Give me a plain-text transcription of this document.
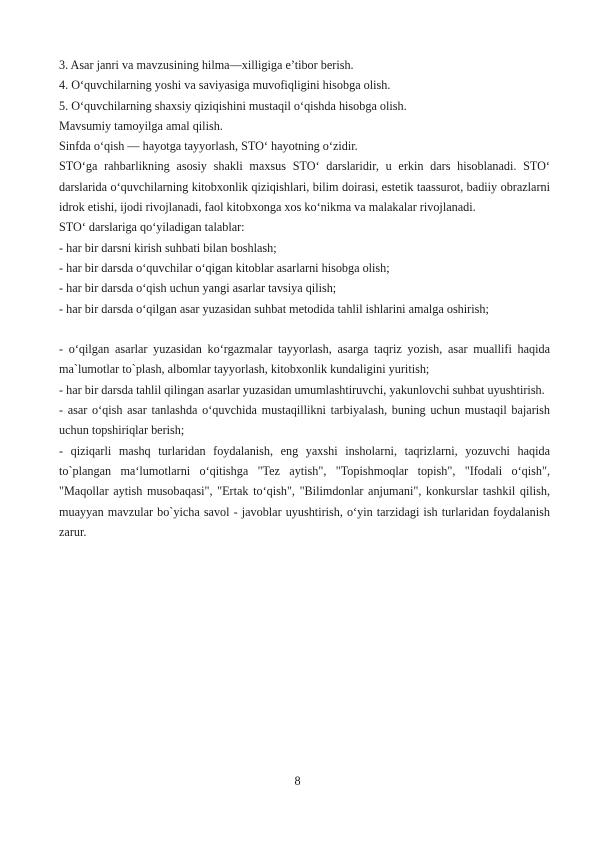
3. Asar janri va mavzusining hilma—xilligiga e’tibor berish.

4. O‘quvchilarning yoshi va saviyasiga muvofiqligini hisobga olish.

5. O‘quvchilarning shaxsiy qiziqishini mustaqil o‘qishda hisobga olish.

Mavsumiy tamoyilga amal qilish.

Sinfda o‘qish — hayotga tayyorlash, STO‘ hayotning o‘zidir.

STO‘ga rahbarlikning asosiy shakli maxsus STO‘ darslaridir, u erkin dars hisoblanadi. STO‘ darslarida o‘quvchilarning kitobxonlik qiziqishlari, bilim doirasi, estetik taassurot, badiiy obrazlarni idrok etishi, ijodi rivojlanadi, faol kitobxonga xos ko‘nikma va malakalar rivojlanadi.

STO‘ darslariga qo‘yiladigan talablar:

- har bir darsni kirish suhbati bilan boshlash;

- har bir darsda o‘quvchilar o‘qigan kitoblar asarlarni hisobga olish;

- har bir darsda o‘qish uchun yangi asarlar tavsiya qilish;

- har bir darsda o‘qilgan asar yuzasidan suhbat metodida tahlil ishlarini amalga oshirish;

- o‘qilgan asarlar yuzasidan ko‘rgazmalar tayyorlash, asarga taqriz yozish, asar muallifi haqida ma`lumotlar to`plash, albomlar tayyorlash, kitobxonlik kundaligini yuritish;

- har bir darsda tahlil qilingan asarlar yuzasidan umumlashtiruvchi, yakunlovchi suhbat uyushtirish.

- asar o‘qish asar tanlashda o‘quvchida mustaqillikni tarbiyalash, buning uchun mustaqil bajarish uchun topshiriqlar berish;

- qiziqarli mashq turlaridan foydalanish, eng yaxshi insholarni, taqrizlarni, yozuvchi haqida to`plangan ma‘lumotlarni o‘qitishga "Tez aytish", "Topishmoqlar topish", "Ifodali o‘qish", "Maqollar aytish musobaqasi", "Ertak to‘qish", "Bilimdonlar anjumani", konkurslar tashkil qilish, muayyan mavzular bo`yicha savol - javoblar uyushtirish, o‘yin tarzidagi ish turlaridan foydalanish zarur.

8
